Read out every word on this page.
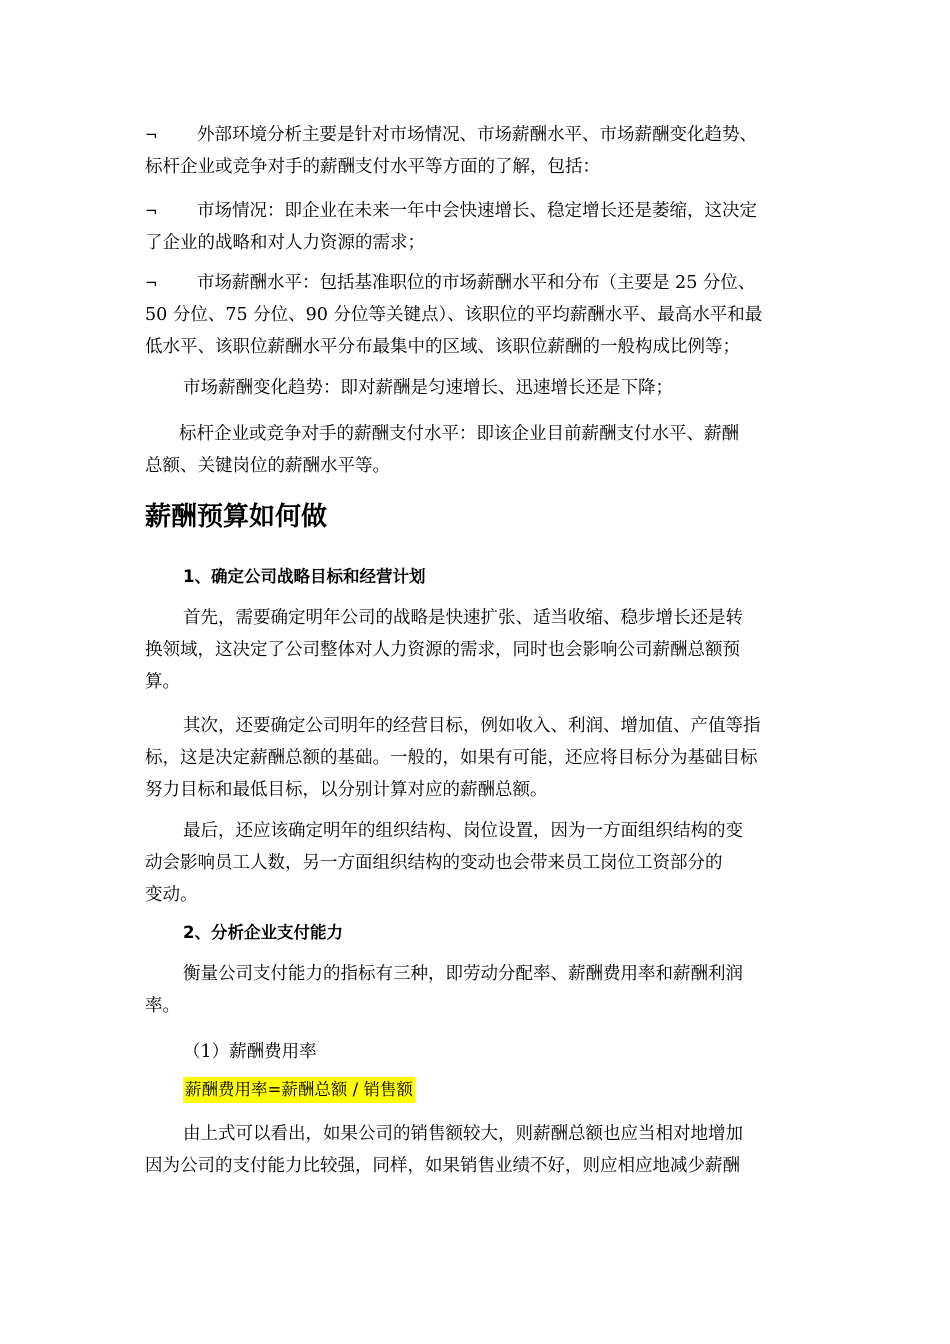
¬ 外部环境分析主要是针对市场情况、市场薪酬水平、市场薪酬变化趋势、
标杆企业或竞争对手的薪酬支付水平等方面的了解，包括：
¬ 市场情况：即企业在未来一年中会快速增长、稳定增长还是萎缩，这决定
了企业的战略和对人力资源的需求；
¬ 市场薪酬水平：包括基准职位的市场薪酬水平和分布（主要是 25 分位、
50 分位、75 分位、90 分位等关键点）、该职位的平均薪酬水平、最高水平和最
低水平、该职位薪酬水平分布最集中的区域、该职位薪酬的一般构成比例等；
市场薪酬变化趋势：即对薪酬是匀速增长、迅速增长还是下降；
标杆企业或竞争对手的薪酬支付水平：即该企业目前薪酬支付水平、薪酬
总额、关键岗位的薪酬水平等。
薪酬预算如何做
1、确定公司战略目标和经营计划
首先，需要确定明年公司的战略是快速扩张、适当收缩、稳步增长还是转
换领域，这决定了公司整体对人力资源的需求，同时也会影响公司薪酬总额预
算。
其次，还要确定公司明年的经营目标，例如收入、利润、增加值、产值等指
标，这是决定薪酬总额的基础。一般的，如果有可能，还应将目标分为基础目标
努力目标和最低目标，以分别计算对应的薪酬总额。
最后，还应该确定明年的组织结构、岗位设置，因为一方面组织结构的变
动会影响员工人数，另一方面组织结构的变动也会带来员工岗位工资部分的
变动。
2、分析企业支付能力
衡量公司支付能力的指标有三种，即劳动分配率、薪酬费用率和薪酬利润
率。
（1）薪酬费用率
薪酬费用率=薪酬总额 / 销售额
由上式可以看出，如果公司的销售额较大，则薪酬总额也应当相对地增加
因为公司的支付能力比较强，同样，如果销售业绩不好，则应相应地减少薪酬
